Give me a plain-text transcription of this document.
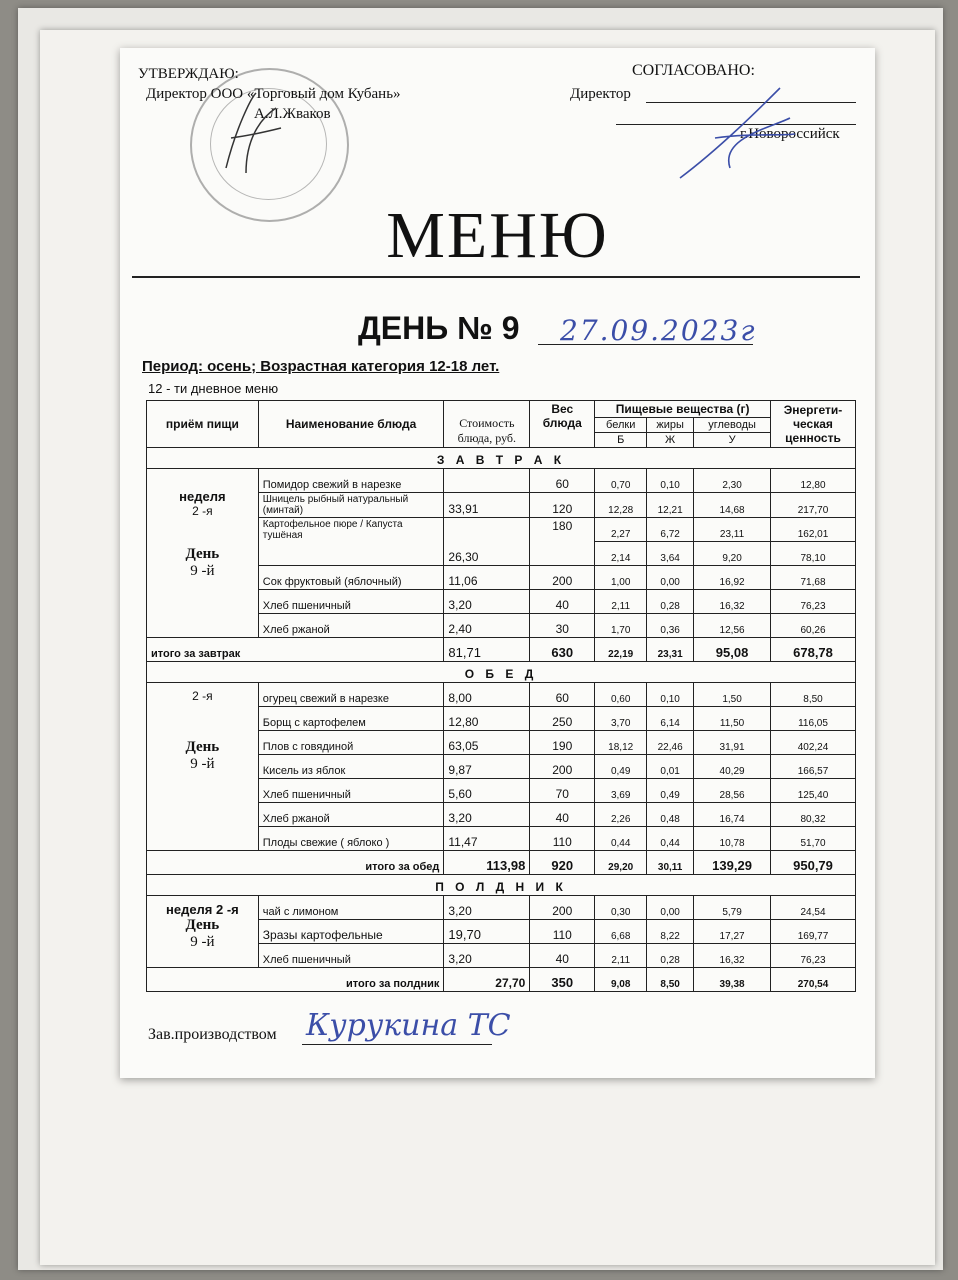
УТВЕРЖДАЮ:
Директор ООО «Торговый дом Кубань»
А.Л.Жваков
СОГЛАСОВАНО:
Директор
г.Новороссийск
МЕНЮ
ДЕНЬ № 9 27.09.2023г
Период: осень; Возрастная категория 12-18 лет.
12 - ти дневное меню
приём пищи	Наименование блюда	Стоимость блюда, руб.	Вес блюда	Пищевые вещества (г)			Энергети-ческая ценность
				белки	жиры	углеводы	
				Б	Ж	У	
З А В Т Р А К							

неделя
2 -я
День
9 -й	Помидор свежий в нарезке		60	0,70	0,10	2,30	12,80
	Шницель рыбный натуральный (минтай)	33,91	120	12,28	12,21	14,68	217,70
	Картофельное пюре / Капуста тушёная	26,30	180	2,27	6,72	23,11	162,01
				2,14	3,64	9,20	78,10
	Сок фруктовый (яблочный)	11,06	200	1,00	0,00	16,92	71,68
	Хлеб пшеничный	3,20	40	2,11	0,28	16,32	76,23
	Хлеб ржаной	2,40	30	1,70	0,36	12,56	60,26
итого за завтрак		81,71	630	22,19	23,31	95,08	678,78
О Б Е Д							

2 -я
День
9 -й	огурец свежий в нарезке	8,00	60	0,60	0,10	1,50	8,50
	Борщ с картофелем	12,80	250	3,70	6,14	11,50	116,05
	Плов с говядиной	63,05	190	18,12	22,46	31,91	402,24
	Кисель из яблок	9,87	200	0,49	0,01	40,29	166,57
	Хлеб пшеничный	5,60	70	3,69	0,49	28,56	125,40
	Хлеб ржаной	3,20	40	2,26	0,48	16,74	80,32
	Плоды свежие ( яблоко )	11,47	110	0,44	0,44	10,78	51,70
итого за обед		113,98	920	29,20	30,11	139,29	950,79
П О Л Д Н И К							

неделя 2 -я
День
9 -й	чай с лимоном	3,20	200	0,30	0,00	5,79	24,54
	Зразы картофельные	19,70	110	6,68	8,22	17,27	169,77
	Хлеб пшеничный	3,20	40	2,11	0,28	16,32	76,23
итого за полдник		27,70	350	9,08	8,50	39,38	270,54
Зав.производством Курукина ТС
